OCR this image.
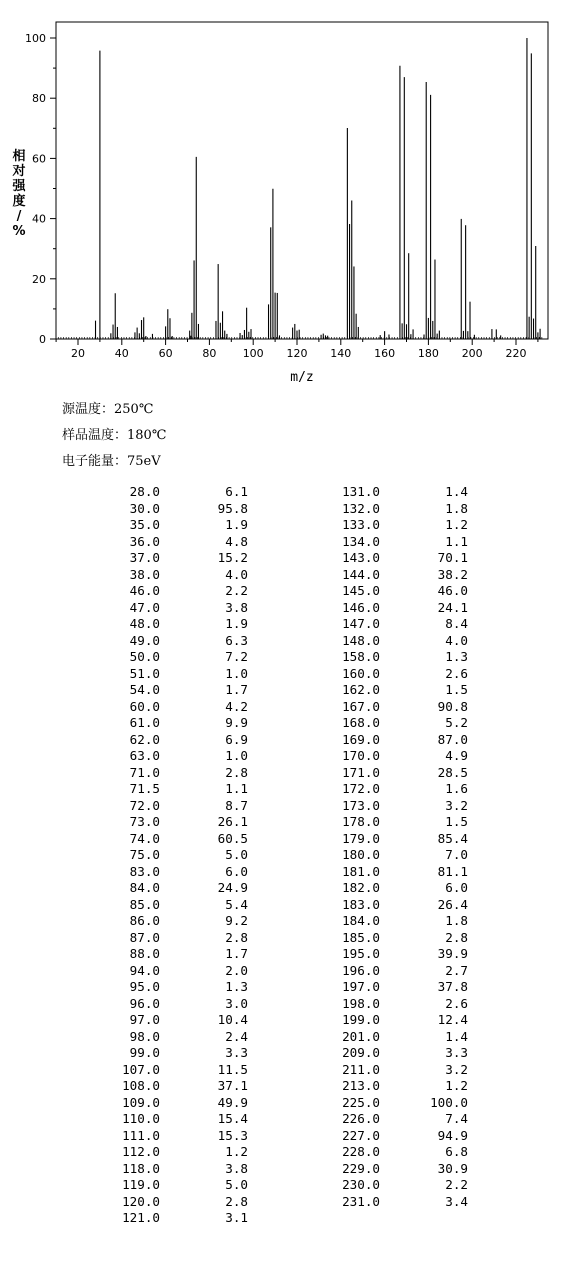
0
20
40
60
80
100
20	40	60	80 100 120 140 160 180 200 220
相对强度/ %
m/z
源温度：250℃
样品温度：180℃
电子能量：75eV
28.0	6.1
30.0	95.8
35.0	1.9
36.0	4.8
37.0	15.2
38.0	4.0
46.0	2.2
47.0	3.8
48.0	1.9
49.0	6.3
50.0	7.2
51.0	1.0
54.0	1.7
60.0	4.2
61.0	9.9
62.0	6.9
63.0	1.0
71.0	2.8
71.5	1.1
72.0	8.7
73.0	26.1
74.0	60.5
75.0	5.0
83.0	6.0
84.0	24.9
85.0	5.4
86.0	9.2
87.0	2.8
88.0	1.7
94.0	2.0
95.0	1.3
96.0	3.0
97.0	10.4
98.0	2.4
99.0	3.3
107.0	11.5
108.0	37.1
109.0	49.9
110.0	15.4
111.0	15.3
112.0	1.2
118.0	3.8
119.0	5.0
120.0	2.8
121.0	3.1
131.0	1.4
132.0	1.8
133.0	1.2
134.0	1.1
143.0	70.1
144.0	38.2
145.0	46.0
146.0	24.1
147.0	8.4
148.0	4.0
158.0	1.3
160.0	2.6
162.0	1.5
167.0	90.8
168.0	5.2
169.0	87.0
170.0	4.9
171.0	28.5
172.0	1.6
173.0	3.2
178.0	1.5
179.0	85.4
180.0	7.0
181.0	81.1
182.0	6.0
183.0	26.4
184.0	1.8
185.0	2.8
195.0	39.9
196.0	2.7
197.0	37.8
198.0	2.6
199.0	12.4
201.0	1.4
209.0	3.3
211.0	3.2
213.0	1.2
225.0	100.0
226.0	7.4
227.0	94.9
228.0	6.8
229.0	30.9
230.0	2.2
231.0	3.4
